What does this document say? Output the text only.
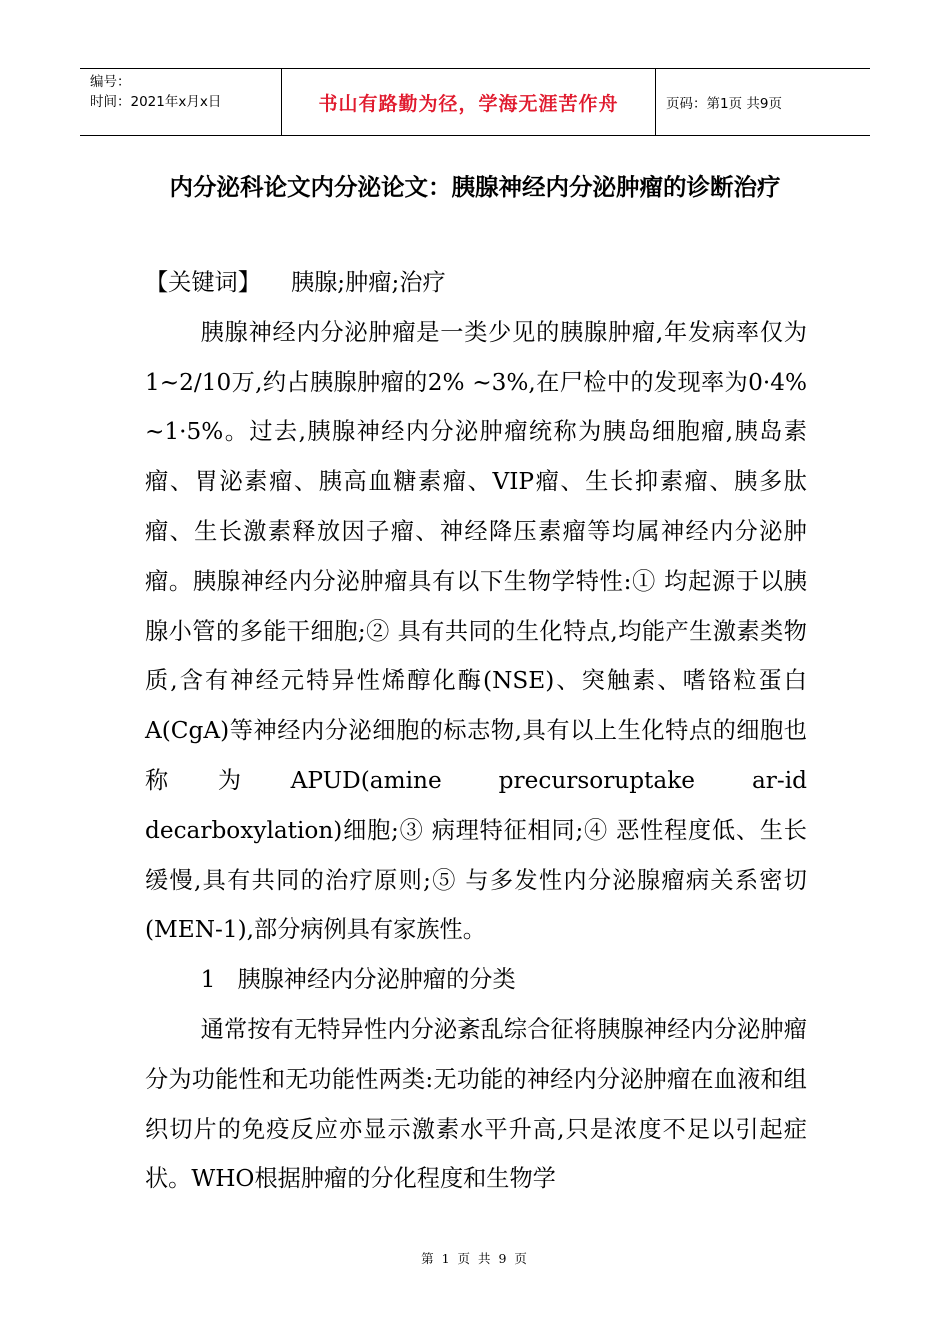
编号：
时间：2021年x月x日	书山有路勤为径，学海无涯苦作舟	页码：第1页 共9页
内分泌科论文内分泌论文：胰腺神经内分泌肿瘤的诊断治疗

【关键词】 胰腺;肿瘤;治疗

胰腺神经内分泌肿瘤是一类少见的胰腺肿瘤,年发病率仅为1~2/10万,约占胰腺肿瘤的2% ~3%,在尸检中的发现率为0·4% ~1·5%。过去,胰腺神经内分泌肿瘤统称为胰岛细胞瘤,胰岛素瘤、胃泌素瘤、胰高血糖素瘤、VIP瘤、生长抑素瘤、胰多肽瘤、生长激素释放因子瘤、神经降压素瘤等均属神经内分泌肿瘤。胰腺神经内分泌肿瘤具有以下生物学特性:① 均起源于以胰腺小管的多能干细胞;② 具有共同的生化特点,均能产生激素类物质,含有神经元特异性烯醇化酶(NSE)、突触素、嗜铬粒蛋白A(CgA)等神经内分泌细胞的标志物,具有以上生化特点的细胞也称为APUD(amine precursoruptake ar-id decarboxylation)细胞;③ 病理特征相同;④ 恶性程度低、生长缓慢,具有共同的治疗原则;⑤ 与多发性内分泌腺瘤病关系密切(MEN-1),部分病例具有家族性。

1 胰腺神经内分泌肿瘤的分类

通常按有无特异性内分泌紊乱综合征将胰腺神经内分泌肿瘤分为功能性和无功能性两类:无功能的神经内分泌肿瘤在血液和组织切片的免疫反应亦显示激素水平升高,只是浓度不足以引起症状。WHO根据肿瘤的分化程度和生物学

第 1 页 共 9 页
